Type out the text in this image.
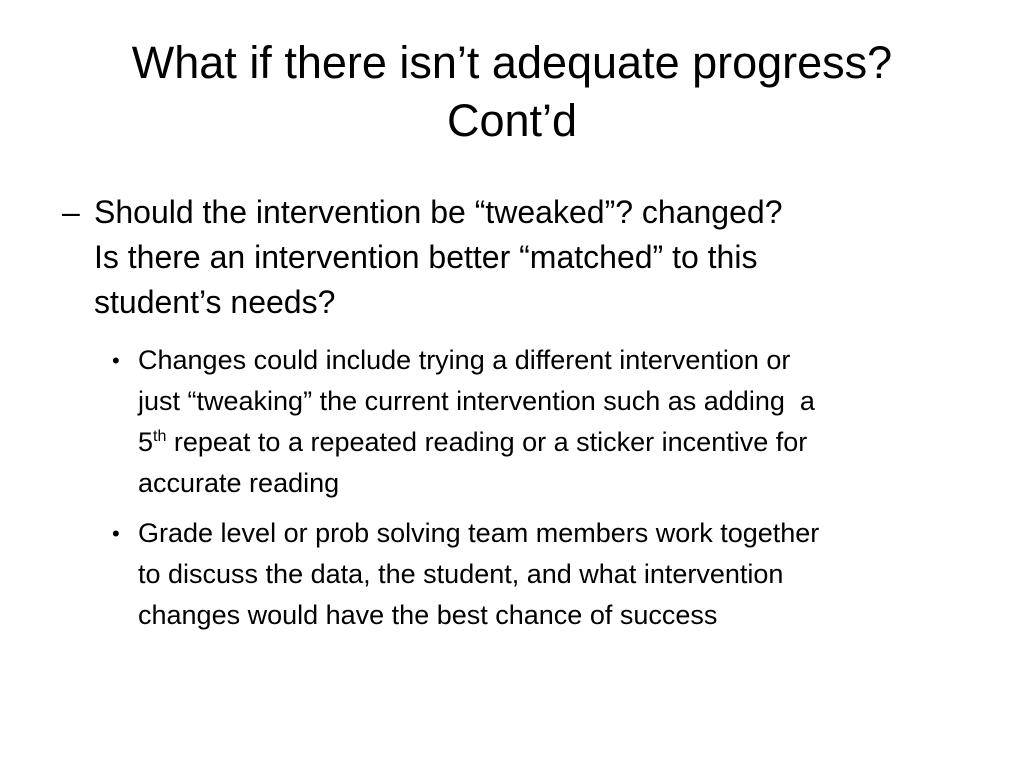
What if there isn’t adequate progress?
Cont’d
– Should the intervention be “tweaked”? changed?
Is there an intervention better “matched” to this
student’s needs?
• Changes could include trying a different intervention or
just “tweaking” the current intervention such as adding  a
5th repeat to a repeated reading or a sticker incentive for
accurate reading
• Grade level or prob solving team members work together
to discuss the data, the student, and what intervention
changes would have the best chance of success
